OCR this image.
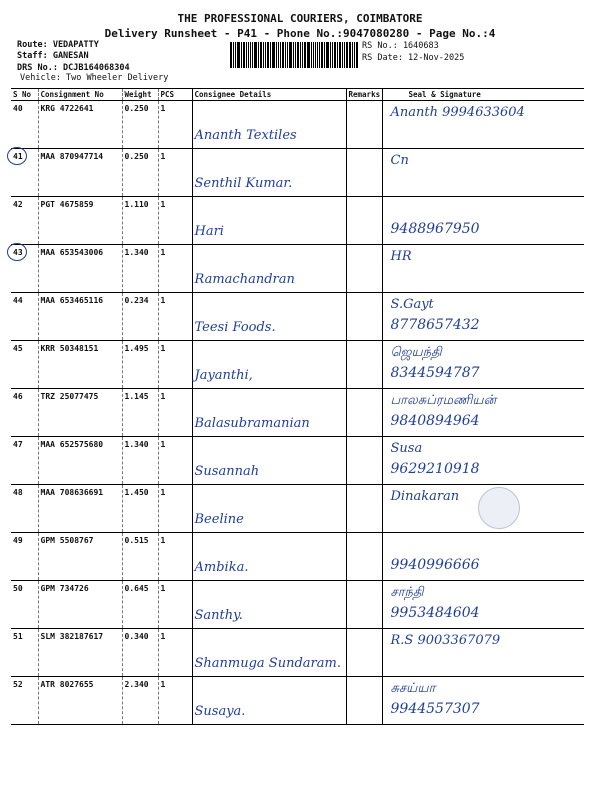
THE PROFESSIONAL COURIERS, COIMBATORE
Delivery Runsheet - P41 - Phone No.:9047080280 - Page No.:4
Route: VEDAPATTY
Staff: GANESAN
DRS No.: DCJB164068304
Vehicle: Two Wheeler Delivery
RS No.: 1640683
RS Date: 12-Nov-2025
S No	Consignment No	Weight	PCS	Consignee Details	Remarks	Seal & Signature
40	KRG 4722641	0.250	1	Ananth Textiles		Ananth 9994633604

41	MAA 870947714	0.250	1	Senthil Kumar.		Cn

42	PGT 4675859	1.110	1	Hari		9488967950

43	MAA 653543006	1.340	1	Ramachandran		HR

44	MAA 653465116	0.234	1	Teesi Foods.		S.Gayt
8778657432

45	KRR 50348151	1.495	1	Jayanthi,		ஜெயந்தி
8344594787

46	TRZ 25077475	1.145	1	Balasubramanian		பாலசுப்ரமணியன்
9840894964

47	MAA 652575680	1.340	1	Susannah		Susa
9629210918

48	MAA 708636691	1.450	1	Beeline		Dinakaran

49	GPM 5508767	0.515	1	Ambika.		9940996666

50	GPM 734726	0.645	1	Santhy.		சாந்தி
9953484604

51	SLM 382187617	0.340	1	Shanmuga Sundaram.		R.S 9003367079

52	ATR 8027655	2.340	1	Susaya.		சுசய்யா
9944557307
